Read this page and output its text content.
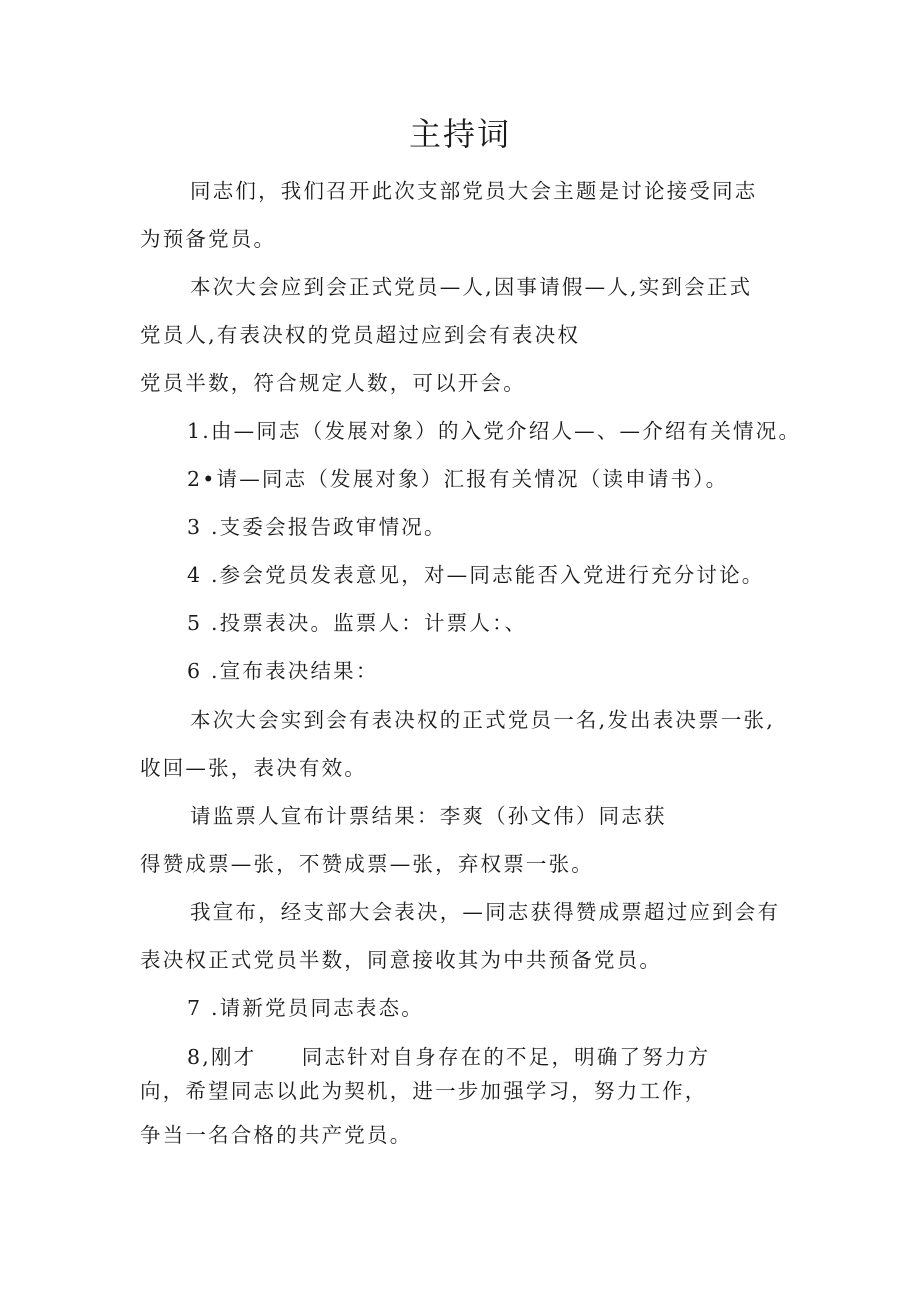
主持词
同志们，我们召开此次支部党员大会主题是讨论接受同志
为预备党员。
本次大会应到会正式党员—人,因事请假—人,实到会正式
党员人,有表决权的党员超过应到会有表决权
党员半数，符合规定人数，可以开会。
1.由—同志（发展对象）的入党介绍人—、—介绍有关情况。
2•请—同志（发展对象）汇报有关情况（读申请书）。
3 .支委会报告政审情况。
4 .参会党员发表意见，对—同志能否入党进行充分讨论。
5 .投票表决。监票人：计票人：、
6 .宣布表决结果：
本次大会实到会有表决权的正式党员一名,发出表决票一张,
收回—张，表决有效。
请监票人宣布计票结果：李爽（孙文伟）同志获
得赞成票—张，不赞成票—张，弃权票一张。
我宣布，经支部大会表决，—同志获得赞成票超过应到会有
表决权正式党员半数，同意接收其为中共预备党员。
7 .请新党员同志表态。
8,刚才　　同志针对自身存在的不足，明确了努力方
向，希望同志以此为契机，进一步加强学习，努力工作，
争当一名合格的共产党员。
